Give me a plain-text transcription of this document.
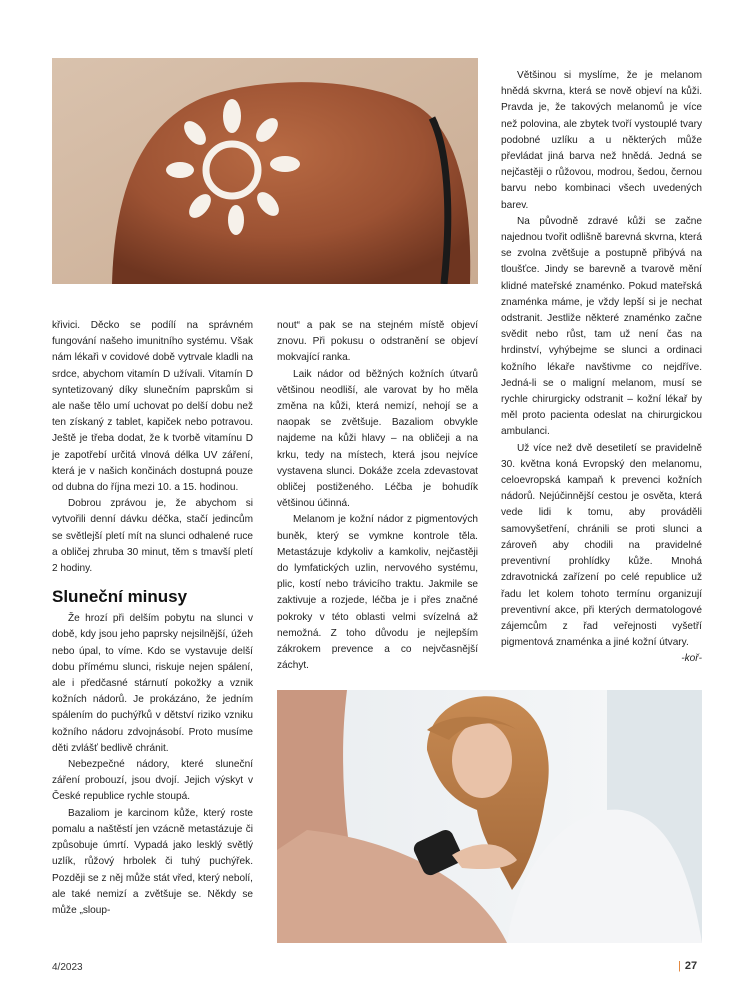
křivici. Děcko se podílí na správném fungování našeho imunitního systému. Však nám lékaři v covidové době vytrvale kladli na srdce, abychom vitamín D užívali. Vitamín D syntetizovaný díky slunečním paprskům si ale naše tělo umí uchovat po delší dobu než ten získaný z tablet, kapiček nebo potravou. Ještě je třeba dodat, že k tvorbě vitamínu D je zapotřebí určitá vlnová délka UV záření, která je v našich končinách dostupná pouze od dubna do října mezi 10. a 15. hodinou.

Dobrou zprávou je, že abychom si vytvořili denní dávku déčka, stačí jedincům se světlejší pletí mít na slunci odhalené ruce a obličej zhruba 30 minut, těm s tmavší pletí 2 hodiny.

Sluneční minusy

Že hrozí při delším pobytu na slunci v době, kdy jsou jeho paprsky nejsilnější, úžeh nebo úpal, to víme. Kdo se vystavuje delší dobu přímému slunci, riskuje nejen spálení, ale i předčasné stárnutí pokožky a vznik kožních nádorů. Je prokázáno, že jedním spálením do puchýřků v dětství riziko vzniku kožního nádoru zdvojnásobí. Proto musíme děti zvlášť bedlivě chránit.

Nebezpečné nádory, které sluneční záření probouzí, jsou dvojí. Jejich výskyt v České republice rychle stoupá.

Bazaliom je karcinom kůže, který roste pomalu a naštěstí jen vzácně metastázuje či způsobuje úmrtí. Vypadá jako lesklý světlý uzlík, růžový hrbolek či tuhý puchýřek. Později se z něj může stát vřed, který nebolí, ale také nemizí a zvětšuje se. Někdy se může „sloup-

nout“ a pak se na stejném místě objeví znovu. Při pokusu o odstranění se objeví mokvající ranka.

Laik nádor od běžných kožních útvarů většinou neodliší, ale varovat by ho měla změna na kůži, která nemizí, nehojí se a naopak se zvětšuje. Bazaliom obvykle najdeme na kůži hlavy – na obličeji a na krku, tedy na místech, která jsou nejvíce vystavena slunci. Dokáže zcela zdevastovat obličej postiženého. Léčba je bohudík většinou účinná.

Melanom je kožní nádor z pigmentových buněk, který se vymkne kontrole těla. Metastázuje kdykoliv a kamkoliv, nejčastěji do lymfatických uzlin, nervového systému, plic, kostí nebo trávicího traktu. Jakmile se zaktivuje a rozjede, léčba je i přes značné pokroky v této oblasti velmi svízelná až nemožná. Z toho důvodu je nejlepším zákrokem prevence a co nejvčasnější záchyt.

Většinou si myslíme, že je melanom hnědá skvrna, která se nově objeví na kůži. Pravda je, že takových melanomů je více než polovina, ale zbytek tvoří vystouplé tvary podobné uzlíku a u některých může převládat jiná barva než hnědá. Jedná se nejčastěji o růžovou, modrou, šedou, černou barvu nebo kombinaci všech uvedených barev.

Na původně zdravé kůži se začne najednou tvořit odlišně barevná skvrna, která se zvolna zvětšuje a postupně přibývá na tloušťce. Jindy se barevně a tvarově mění klidné mateřské znaménko. Pokud mateřská znaménka máme, je vždy lepší si je nechat odstranit. Jestliže některé znaménko začne svědit nebo růst, tam už není čas na hrdinství, vyhýbejme se slunci a ordinaci kožního lékaře navštivme co nejdříve. Jedná-li se o maligní melanom, musí se rychle chirurgicky odstranit – kožní lékař by měl proto pacienta odeslat na chirurgickou ambulanci.

Už více než dvě desetiletí se pravidelně 30. května koná Evropský den melanomu, celoevropská kampaň k prevenci kožních nádorů. Nejúčinnější cestou je osvěta, která vede lidi k tomu, aby prováděli samovyšetření, chránili se proti slunci a zároveň aby chodili na pravidelné preventivní prohlídky kůže. Mnohá zdravotnická zařízení po celé republice už řadu let kolem tohoto termínu organizují preventivní akce, při kterých dermatologové zájemcům z řad veřejnosti vyšetří pigmentová znaménka a jiné kožní útvary.

-koř-

4/2023	| 27
